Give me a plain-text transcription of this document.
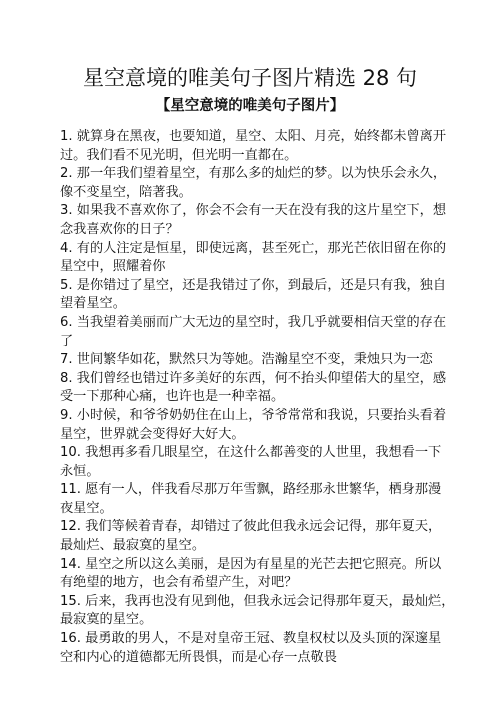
星空意境的唯美句子图片精选 28 句
【星空意境的唯美句子图片】
1. 就算身在黑夜，也要知道，星空、太阳、月亮，始终都未曾离开
过。我们看不见光明，但光明一直都在。
2. 那一年我们望着星空，有那么多的灿烂的梦。以为快乐会永久，
像不变星空，陪著我。
3. 如果我不喜欢你了，你会不会有一天在没有我的这片星空下，想
念我喜欢你的日子？
4. 有的人注定是恒星，即使远离，甚至死亡，那光芒依旧留在你的
星空中，照耀着你
5. 是你错过了星空，还是我错过了你，到最后，还是只有我，独自
望着星空。
6. 当我望着美丽而广大无边的星空时，我几乎就要相信天堂的存在
了
7. 世间繁华如花，默然只为等她。浩瀚星空不变，秉烛只为一恋
8. 我们曾经也错过许多美好的东西，何不抬头仰望偌大的星空，感
受一下那种心痛，也许也是一种幸福。
9. 小时候，和爷爷奶奶住在山上，爷爷常常和我说，只要抬头看着
星空，世界就会变得好大好大。
10. 我想再多看几眼星空，在这什么都善变的人世里，我想看一下
永恒。
11. 愿有一人，伴我看尽那万年雪飘，路经那永世繁华，栖身那漫
夜星空。
12. 我们等候着青春，却错过了彼此但我永远会记得，那年夏天，
最灿烂、最寂寞的星空。
14. 星空之所以这么美丽，是因为有星星的光芒去把它照亮。所以
有绝望的地方，也会有希望产生，对吧？
15. 后来，我再也没有见到他，但我永远会记得那年夏天，最灿烂，
最寂寞的星空。
16. 最勇敢的男人，不是对皇帝王冠、教皇权杖以及头顶的深邃星
空和内心的道德都无所畏惧，而是心存一点敬畏
